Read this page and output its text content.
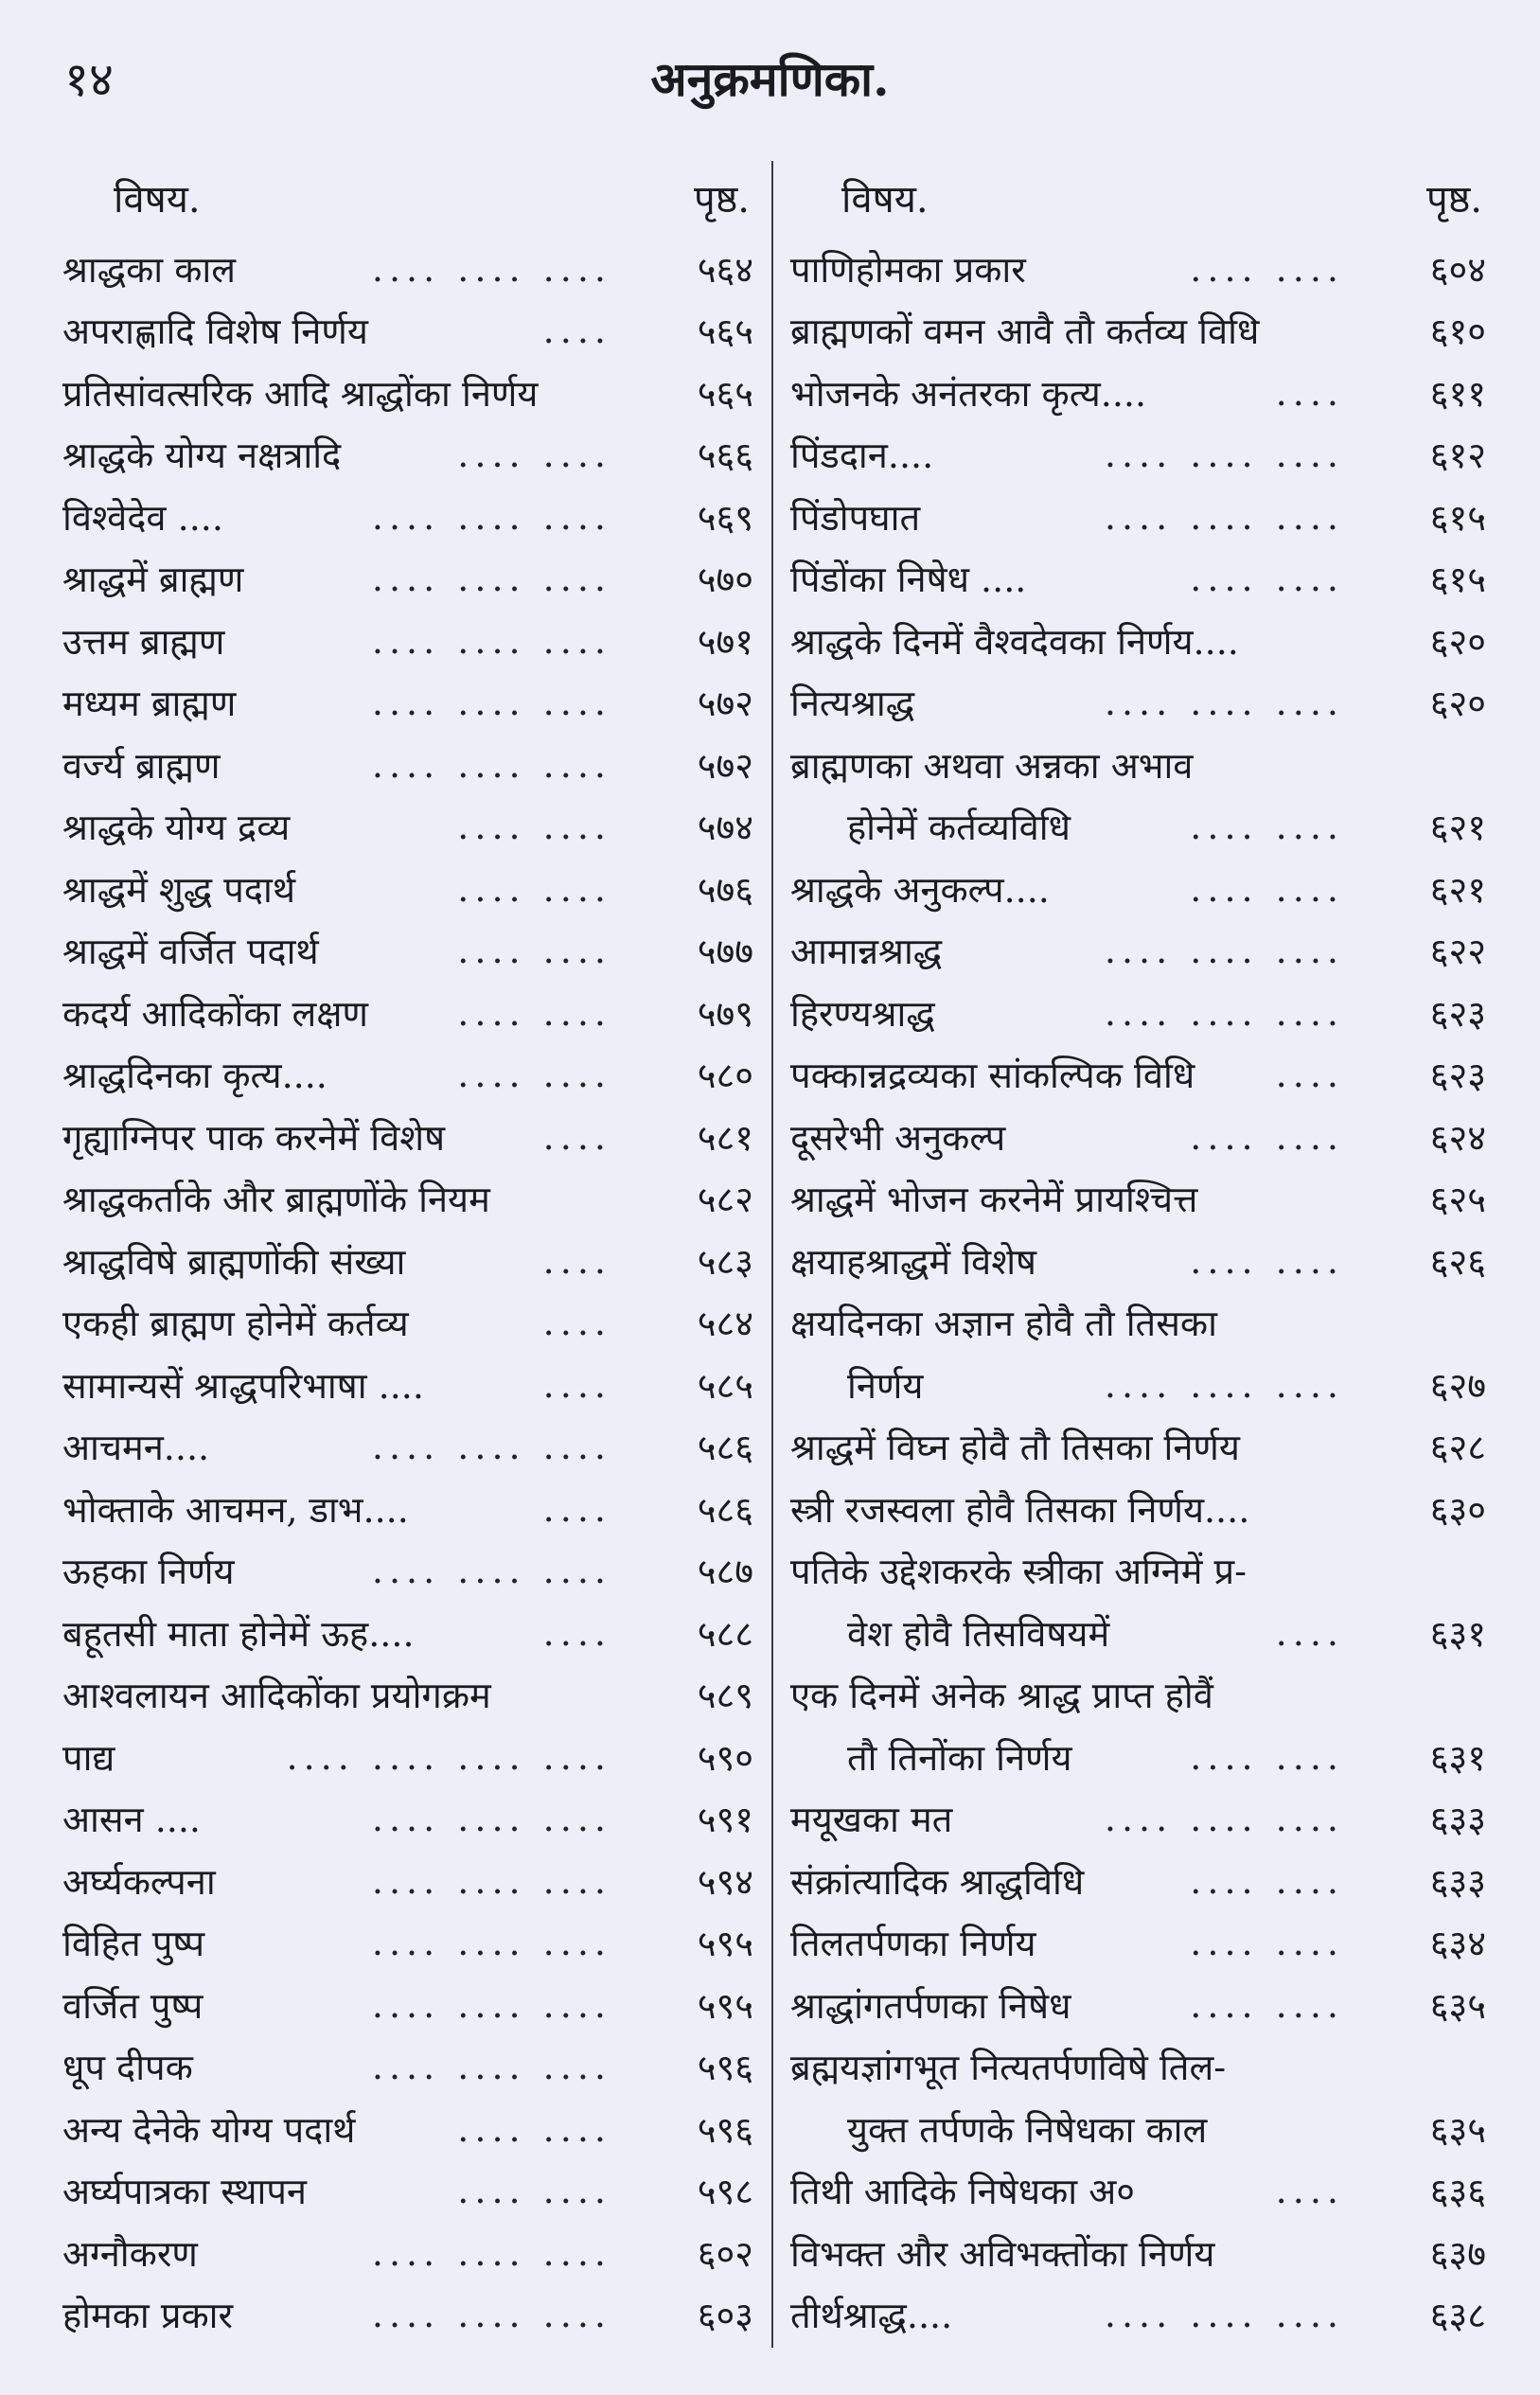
१४	अनुक्रमणिका.
विषय.	पृष्ठ.
श्राद्धका काल	.... .... ....	५६४
अपराह्णादि विशेष निर्णय	....	५६५
प्रतिसांवत्सरिक आदि श्राद्धोंका निर्णय	५६५
श्राद्धके योग्य नक्षत्रादि	.... ....	५६६
विश्वेदेव ....	.... .... ....	५६९
श्राद्धमें ब्राह्मण	.... .... ....	५७०
उत्तम ब्राह्मण	.... .... ....	५७१
मध्यम ब्राह्मण	.... .... ....	५७२
वर्ज्य ब्राह्मण	.... .... ....	५७२
श्राद्धके योग्य द्रव्य	.... ....	५७४
श्राद्धमें शुद्ध पदार्थ	.... ....	५७६
श्राद्धमें वर्जित पदार्थ	.... ....	५७७
कदर्य आदिकोंका लक्षण	.... ....	५७९
श्राद्धदिनका कृत्य....	.... ....	५८०
गृह्याग्निपर पाक करनेमें विशेष	....	५८१
श्राद्धकर्ताके और ब्राह्मणोंके नियम	५८२
श्राद्धविषे ब्राह्मणोंकी संख्या	....	५८३
एकही ब्राह्मण होनेमें कर्तव्य	....	५८४
सामान्यसें श्राद्धपरिभाषा ....	....	५८५
आचमन....	.... .... ....	५८६
भोक्ताके आचमन, डाभ....	....	५८६
ऊहका निर्णय	.... .... ....	५८७
बहूतसी माता होनेमें ऊह....	....	५८८
आश्वलायन आदिकोंका प्रयोगक्रम	५८९
पाद्य	.... .... .... ....	५९०
आसन ....	.... .... ....	५९१
अर्घ्यकल्पना	.... .... ....	५९४
विहित पुष्प	.... .... ....	५९५
वर्जित पुष्प	.... .... ....	५९५
धूप दीपक	.... .... ....	५९६
अन्य देनेके योग्य पदार्थ	.... ....	५९६
अर्घ्यपात्रका स्थापन	.... ....	५९८
अग्नौकरण	.... .... ....	६०२
होमका प्रकार	.... .... ....	६०३
विषय.	पृष्ठ.
पाणिहोमका प्रकार	.... ....	६०४
ब्राह्मणकों वमन आवै तौ कर्तव्य विधि	६१०
भोजनके अनंतरका कृत्य....	....	६११
पिंडदान....	.... .... ....	६१२
पिंडोपघात	.... .... ....	६१५
पिंडोंका निषेध ....	.... ....	६१५
श्राद्धके दिनमें वैश्वदेवका निर्णय....	६२०
नित्यश्राद्ध	.... .... ....	६२०
ब्राह्मणका अथवा अन्नका अभाव
होनेमें कर्तव्यविधि	.... ....	६२१
श्राद्धके अनुकल्प....	.... ....	६२१
आमान्नश्राद्ध	.... .... ....	६२२
हिरण्यश्राद्ध	.... .... ....	६२३
पक्कान्नद्रव्यका सांकल्पिक विधि	....	६२३
दूसरेभी अनुकल्प	.... ....	६२४
श्राद्धमें भोजन करनेमें प्रायश्चित्त	६२५
क्षयाहश्राद्धमें विशेष	.... ....	६२६
क्षयदिनका अज्ञान होवै तौ तिसका
निर्णय	.... .... ....	६२७
श्राद्धमें विघ्न होवै तौ तिसका निर्णय	६२८
स्त्री रजस्वला होवै तिसका निर्णय....	६३०
पतिके उद्देशकरके स्त्रीका अग्निमें प्र-
वेश होवै तिसविषयमें	....	६३१
एक दिनमें अनेक श्राद्ध प्राप्त होवैं
तौ तिनोंका निर्णय	.... ....	६३१
मयूखका मत	.... .... ....	६३३
संक्रांत्यादिक श्राद्धविधि	.... ....	६३३
तिलतर्पणका निर्णय	.... ....	६३४
श्राद्धांगतर्पणका निषेध	.... ....	६३५
ब्रह्मयज्ञांगभूत नित्यतर्पणविषे तिल-
युक्त तर्पणके निषेधका काल	६३५
तिथी आदिके निषेधका अ०	....	६३६
विभक्त और अविभक्तोंका निर्णय	६३७
तीर्थश्राद्ध....	.... .... ....	६३८
